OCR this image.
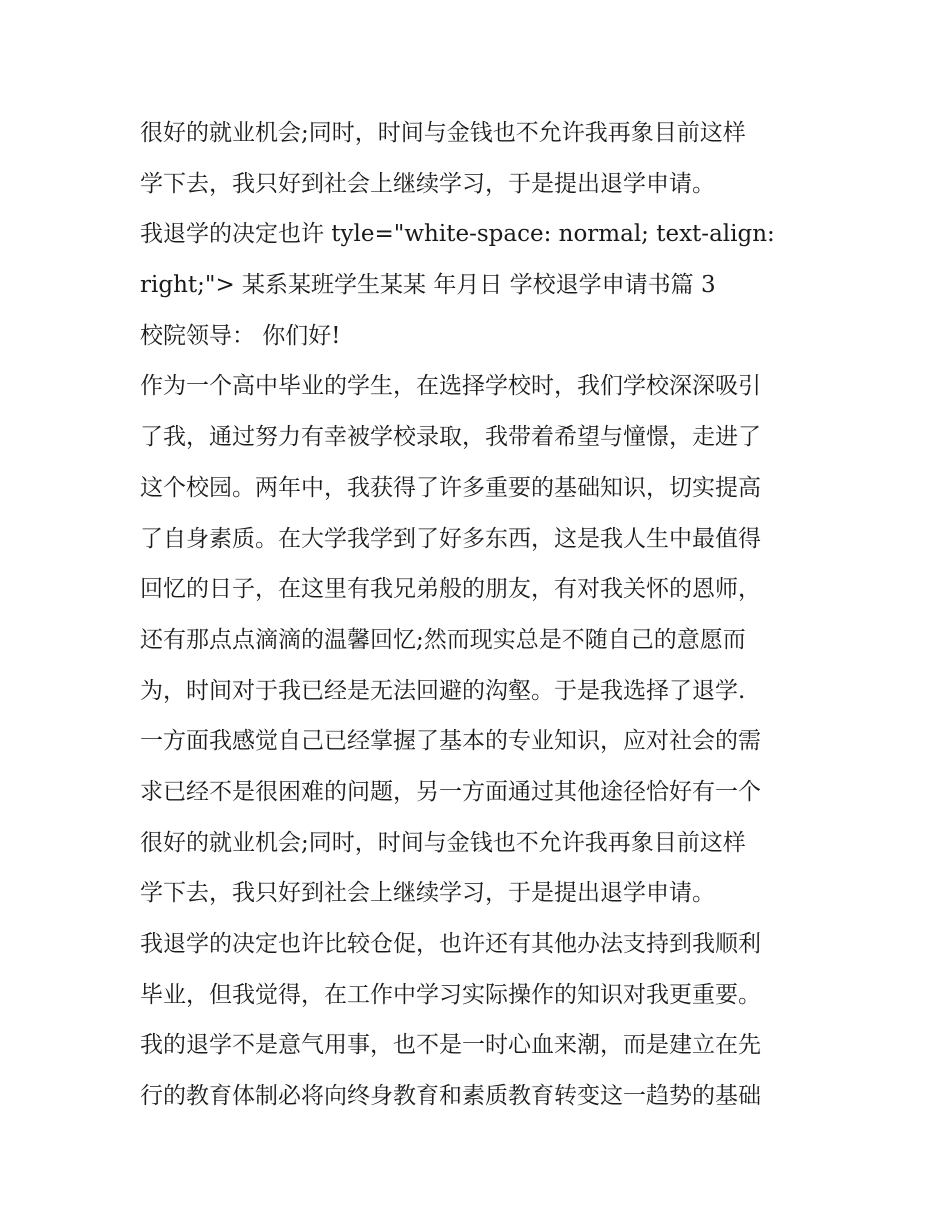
很好的就业机会;同时，时间与金钱也不允许我再象目前这样
学下去，我只好到社会上继续学习，于是提出退学申请。
我退学的决定也许 tyle="white-space: normal; text-align:
right;"> 某系某班学生某某 年月日 学校退学申请书篇 3
校院领导： 你们好!
作为一个高中毕业的学生，在选择学校时，我们学校深深吸引
了我，通过努力有幸被学校录取，我带着希望与憧憬，走进了
这个校园。两年中，我获得了许多重要的基础知识，切实提高
了自身素质。在大学我学到了好多东西，这是我人生中最值得
回忆的日子，在这里有我兄弟般的朋友，有对我关怀的恩师，
还有那点点滴滴的温馨回忆;然而现实总是不随自己的意愿而
为，时间对于我已经是无法回避的沟壑。于是我选择了退学.
一方面我感觉自己已经掌握了基本的专业知识，应对社会的需
求已经不是很困难的问题，另一方面通过其他途径恰好有一个
很好的就业机会;同时，时间与金钱也不允许我再象目前这样
学下去，我只好到社会上继续学习，于是提出退学申请。
我退学的决定也许比较仓促，也许还有其他办法支持到我顺利
毕业，但我觉得，在工作中学习实际操作的知识对我更重要。
我的退学不是意气用事，也不是一时心血来潮，而是建立在先
行的教育体制必将向终身教育和素质教育转变这一趋势的基础
